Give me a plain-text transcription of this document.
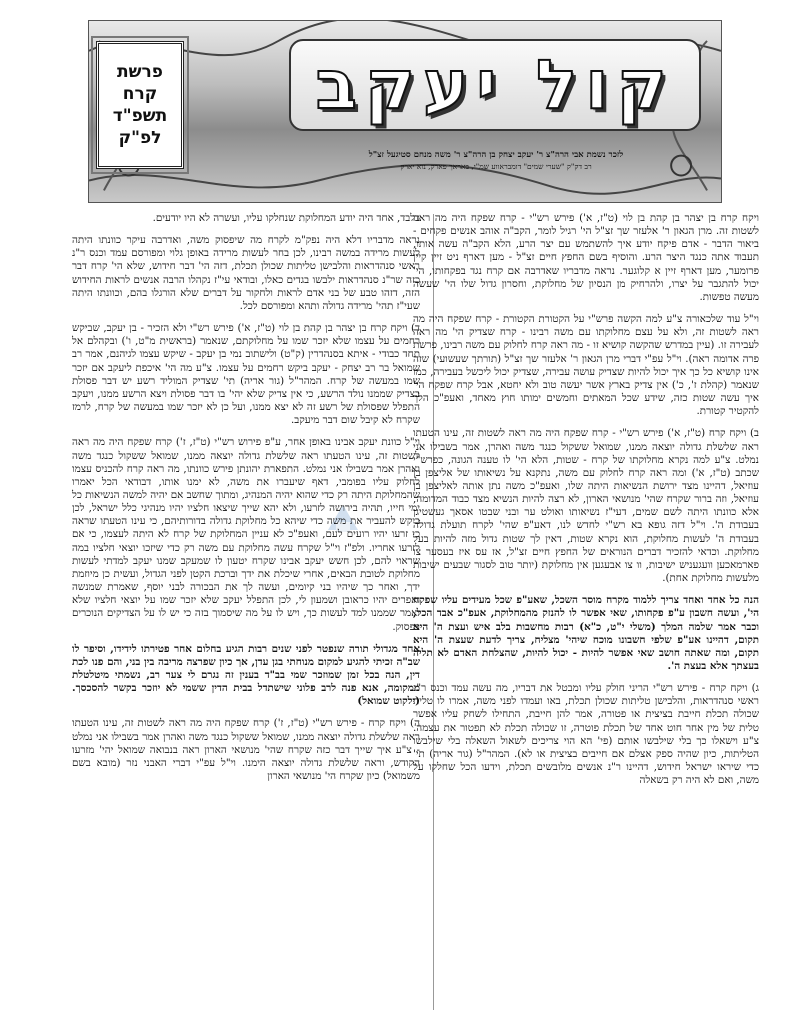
פרשת
קרח
תשפ"ד
לפ"ק
קול יעקב
לזכר נשמת אבי הרה"צ ר' יעקב יצחק בן הרה"צ ר' משה מנחם סטיגעל זצ"ל
רב דק"ק "שערי שמים" דומבראווע שמ"י, באראך פארק, נוא יארק

ויקח קרח בן יצהר בן קהת בן לוי (ט"ז, א') פירש רש"י - קרח שפקח היה מה ראה לשטות זה. מרן הגאון ר' אלעזר שך זצ"ל הי' רגיל לומר, הקב"ה אוהב אנשים פקחים - ביאור הדבר - אדם פיקח יודע איך להשתמש עם יצר הרע, הלא הקב"ה עשה אותו, תעבוד אתה כנגד היצר הרע. והוסיף בשם החפץ חיים זצ"ל - מען דארף ניט זיין קיין פרומער, מען דארף זיין א קלוגער. נראה מדבריו שאדרבה אם קרח נגד בפקחותו, הי' יכול להתגבר על יצרו, ולהרחיק מן הנסיון של מחלוקת, וחסרון גדול שלו הי' שעשה מעשה טפשות.

וי"ל עוד שלכאורה צ"ע למה הקשה פרש"י על הקטורת הקטורת - קרח שפקח היה מה ראה לשטות זה, ולא על עצם מחלוקתו עם משה רבינו - קרח שצדיק הי' מה ראה לעבירה זו. (עיין במדרש שהקשה קושיא זו - מה ראה קרח לחלוק עם משה רבינו, פרשת פרה אדומה ראה). וי"ל עפ"י דברי מרן הגאון ר' אלעזר שך זצ"ל (תורתך שעשועי) שזה אינו קושיא כל כך איך יכול להיות שצדיק עושה עבירה, שצדיק יכול ליכשל בעבירה, כמו שנאמר (קהלת ז', כ') אין צדיק בארץ אשר יעשה טוב ולא יחטא, אבל קרח שפקח הי' איך עשה שטות כזה, שידע שכל המאתים וחמשים ימותו חוץ מאחד, ואעפ"כ הלך להקטיר קטורת.

ב) ויקח קרח (ט"ז, א') פירש רש"י - קרח שפקח היה מה ראה לשטות זה, עינו הטעתו ראה שלשלת גדולה יוצאה ממנו, שמואל ששקול כנגד משה ואהרן, אמר בשבילו אני נמלט. צ"ע למה נקרא מחלוקתו של קרח - שטות, הלא הי' לו טענה הגונה, כפרש"י שכתב (ט"ז, א') ומה ראה קרח לחלוק עם משה, נתקנא על נשיאותו של אליצפן בן עוזיאל, דהיינו מצד ירושת הנשיאות היתה שלו, ואעפ"כ משה נתן אותה לאליצפן בן עוזיאל, וזה ברור שקרח שהי' מנושאי הארון, לא רצה להיות הנשיא מצד כבוד המדומה, אלא כוונתו היתה לשם שמים, דעי"ז נשיאותו ואולט ער ובני שבטו אסאך געשטיגן בעבודת ה'. וי"ל דזה גופא בא רש"י לחדש לנו, דאע"פ שהי' לקרח תועלת גדולה בעבודת ה' לעשות מחלוקת, הוא נקרא שטות, דאין לך שטות גדול מזה להיות בעל מחלוקת. וכדאי להזכיר דברים הנוראים של החפץ חיים זצ"ל, אז עס איז בעסער צו פארמאכען וועגעניש ישיבות, וו צו אבעגען אין מחלוקת (יותר טוב לסגור שבעים ישיבות מלעשות מחלוקת אחת).

הנה כל אחד ואחד צריך ללמוד מקרח מוסר השכל, שאע"פ שכל מעידים עליו שפקח הי', ועשה חשבון ע"פ פקחותו, שאי אפשר לו להנזק מהמחלוקת, אעפ"כ אבד הכל, וכבר אמר שלמה המלך (משלי י"ט, כ"א) רבות מחשבות בלב איש ועצת ה' היא תקום, דהיינו אע"פ שלפי חשבונו מוכח שיהי' מצליח, צריך לדעת שעצת ה' היא תקום, ומה שאתה חושב שאי אפשר להיות - יכול להיות, שהצלחת האדם לא תליה בעצתך אלא בעצת ה'.

ג) ויקח קרח - פירש רש"י הריני חולק עליו ומבטל את דבריו, מה עשה עמד וכנס ר"נ ראשי סנהדראות, והלבישן טליתות שכולן תכלת, באו ועמדו לפני משה, אמרו לו טלית שכולה תכלת חייבת בציצית או פטורה, אמר להן חייבת, התחילו לשחק עליו אפשר טלית של מין אחר חוט אחד של תכלת פוטרה, זו שכולה תכלת לא תפטור את עצמה. צ"ע וישאלו כך בלי שילבשו אותם (פי' הא הוי צריכים לשאול השאלה בלי שילבשו הטליתות, כיון שהיה ספק אצלם אם חייבים בציצית או לא). המהר"ל (גור אריה) תי' כדי שיראו ישראל חידוש, דהיינו ר"נ אנשים מלובשים תכלת, וידעו הכל שחלקו על משה, ואם לא היה רק בשאלה

בלבד, אחד היה יודע המחלוקת שנחלקו עליו, ועשרה לא היו יודעים.

נראה מדבריו דלא היה נפק"מ לקרח מה שיפסוק משה, ואדרבה עיקר כוונתו היתה לעשות מרידה במשה רבינו, לכן בחר לעשות מרידה באופן גלוי ומפורסם עמד וכנס ר"נ ראשי סנהדראות והלבישן טליתות שכולן תכלת, דזה הי' דבר חידוש, שלא הי' קרח דבר כזה שר"נ סנהדראות ילבשו בגדים כאלו, ובודאי עי"ז נקהלו הרבה אנשים לראות החידוש הזה, דזהו טבע של בני אדם לראות ולחקור על דברים שלא הורגלו בהם, וכוונתו היתה שעי"ז תהי' מרידה גדולה ותהא ומפורסם לכל.

ד) ויקח קרח בן יצהר בן קהת בן לוי (ט"ז, א') פירש רש"י ולא הזכיר - בן יעקב, שביקש רחמים על עצמו שלא יזכר שמו על מחלוקתם, שנאמר (בראשית מ"ט, ו') ובקהלם אל תחד כבודי - איתא בסנהדרין (ק"ט) ולישתוב נמי בן יעקב - שיקש עצמו לגיהנם, אמר רב שמואל בר רב יצחק - יעקב ביקש רחמים על עצמו. צ"ע מה הי' איכפת ליעקב אם יזכר שמו במעשה של קרח. המהר"ל (גור אריה) תי' שצדיק המוליד רשע יש דבר פסולת בצדיק שממנו נולד הרשע, כי אין צדיק שלא יהי' בו דבר פסולת ויצא הרשע ממנו, ויעקב התפלל שפסולת של רשע זה לא יצא ממנו, ועל כן לא יזכר שמו במעשה של קרח, לרמז שקרח לא קיבל שום דבר מיעקב.

וי"ל כוונת יעקב אבינו באופן אחר, ע"פ פירוש רש"י (ט"ז, ז') קרח שפקח היה מה ראה לשטות זה, עינו הטעתו ראה שלשלת גדולה יוצאה ממנו, שמואל ששקול כנגד משה ואהרן אמר בשבילו אני נמלט. התפארת יהונתן פירש כוונתו, מה ראה קרח להכניס עצמו לחלוק עליו בפומבי, דאף שיעברו את משה, לא ימנו אותו, דבודאי הכל יאמרו שהמחלוקת היתה רק כדי שהוא יהיה המנהיג, ומתוך שחשב אם יהיה למשה הנשיאות כל ימי חייו, תהיה בירושה לזרעו, ולא יהא שייך שיצאו חלציו יהיו מנהיגי כלל ישראל, לכן ביקש להעביר את משה כדי שיהא כל מחלוקת גדולה בדורותיהם, כי עינו הטעתו שראה כי זרעו יהיו רועים לעם, ואעפ"כ לא עניין המחלוקת של קרח לא היתה לעצמו, כי אם לזרעו אחריו. ולפ"ז וי"ל שקרח עשה מחלוקת עם משה רק כדי שיזכו יוצאי חלציו במה שראוי להם, לכן חשש יעקב אבינו שקרח יטעון לו שמעקב שמנו יעקב למדתי לעשות מחלוקת לטובת הבאים, אחרי שיכלת את ידך וברכת הקטן לפני הגדול, ועשית כן מיוזמת ידך, ואחר כך שיהיו בני קיומים, ועשה לך את הבכורה לבני יוסף, שאמרת שמנשה ואפרים יהיו כראובן ושמעון לי, לכן התפלל יעקב שלא יזכר שמו על יוצאי חלציו שלא יאמר שממנו למד לעשות כך, ויש לו על מה שיסמוך בזה כי יש לו על הצדיקים הנוכרים בפסוק.

אחד מגדולי תורה שנפטר לפני שנים רבות הגיע בחלום אחר פטירתו לידידו, וסיפר לו שב"ה זכיתי להגיע למקום מנוחתי בגן עדן, אך כיון שפרצה מריבה בין בני, והם פנו לכת דין, הנה בכל זמן שמוזכר שמי בב"ד בענין זה נגרם לי צער רב, נשמתי מיטלטלת ממקומה, אנא פנה לרב פלוני שישתדל בבית הדין ששמי לא יוזכר בקשר להסכסך. (ילקוט שמואל)

ה) ויקח קרח - פירש רש"י (ט"ז, ז') קרח שפקח היה מה ראה לשטות זה, עינו הטעתו ראה שלשלת גדולה יוצאה ממנו, שמואל ששקול כנגד משה ואהרן אמר בשבילו אני נמלט - צ"ע איך שייך דבר כזה שקרח שהי' מנושאי הארון ראה בנבואה שמואל יהי' מזרעו הקודש, וראה שלשלת גדולה יוצאה הימנו. וי"ל עפ"י דברי האבני נזר (מובא בשם משמואל) כיון שקרח הי' מנושאי הארון
